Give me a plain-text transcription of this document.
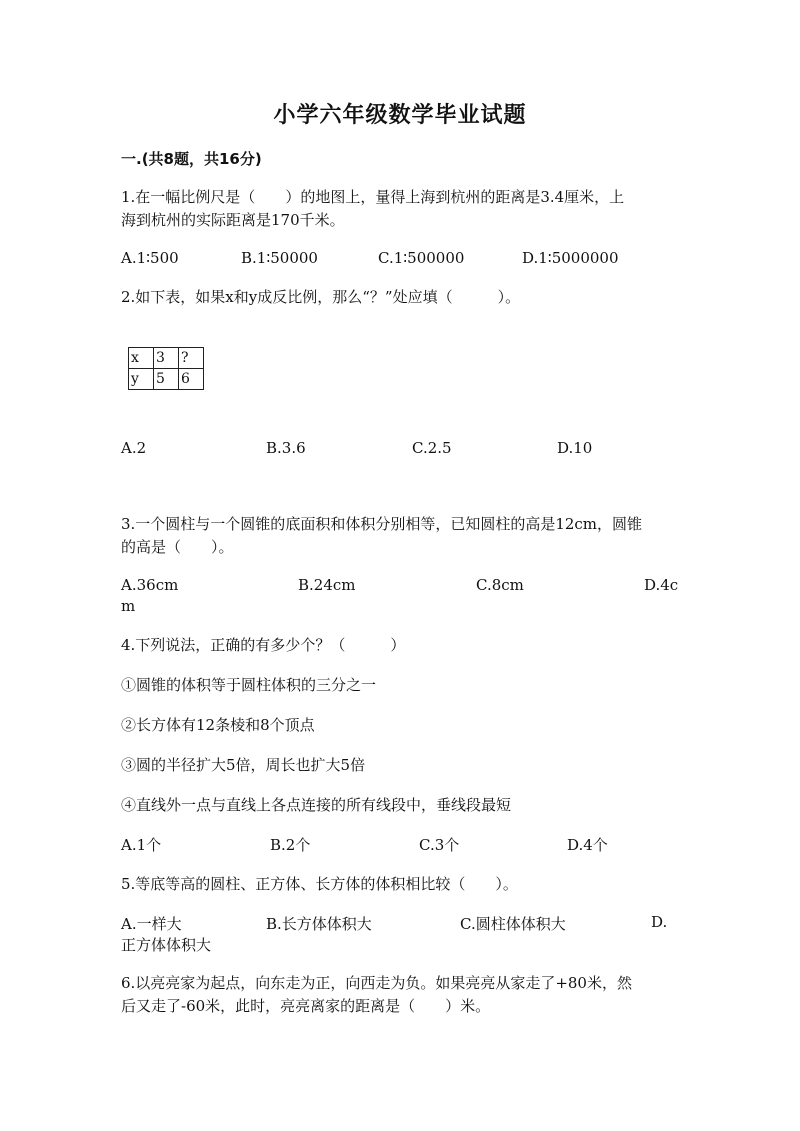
小学六年级数学毕业试题
一.(共8题，共16分)
1.在一幅比例尺是（　　）的地图上，量得上海到杭州的距离是3.4厘米，上
海到杭州的实际距离是170千米。
A.1∶500	B.1∶50000	C.1∶500000	D.1∶5000000
2.如下表，如果x和y成反比例，那么“？”处应填（　　　）。
x	3	?
y	5	6
A.2	B.3.6	C.2.5	D.10
3.一个圆柱与一个圆锥的底面积和体积分别相等，已知圆柱的高是12cm，圆锥
的高是（　　）。
A.36cm	B.24cm	C.8cm	D.4c
m
4.下列说法，正确的有多少个？（　　　）
①圆锥的体积等于圆柱体积的三分之一
②长方体有12条棱和8个顶点
③圆的半径扩大5倍，周长也扩大5倍
④直线外一点与直线上各点连接的所有线段中，垂线段最短
A.1个	B.2个	C.3个	D.4个
5.等底等高的圆柱、正方体、长方体的体积相比较（　　）。
A.一样大	B.长方体体积大	C.圆柱体体积大	D.
正方体体积大
6.以亮亮家为起点，向东走为正，向西走为负。如果亮亮从家走了+80米，然
后又走了-60米，此时，亮亮离家的距离是（　　）米。
